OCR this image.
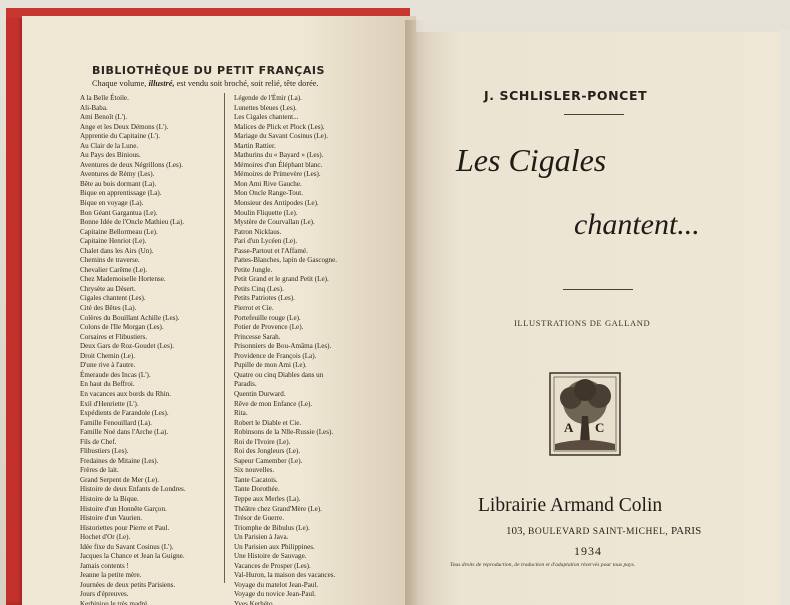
BIBLIOTHÈQUE DU PETIT FRANÇAIS
Chaque volume, illustré, est vendu soit broché, soit relié, tête dorée.
A la Belle Étoile.
Ali-Baba.
Ami Benoît (L').
Ange et les Deux Démons (L').
Apprentie du Capitaine (L').
Au Clair de la Lune.
Au Pays des Binious.
Aventures de deux Négrillons (Les).
Aventures de Rémy (Les).
Bête au bois dormant (La).
Bique en apprentissage (La).
Bique en voyage (La).
Bon Géant Gargantua (Le).
Bonne Idée de l'Oncle Mathieu (La).
Capitaine Bellormeau (Le).
Capitaine Henriot (Le).
Chalet dans les Airs (Un).
Chemins de traverse.
Chevalier Carême (Le).
Chez Mademoiselle Hortense.
Chrysète au Désert.
Cigales chantent (Les).
Cité des Bêtes (La).
Colères du Bouillant Achille (Les).
Colons de l'Ile Morgan (Les).
Corsaires et Flibustiers.
Deux Gars de Roz-Goudet (Les).
Droit Chemin (Le).
D'une rive à l'autre.
Émeraude des Incas (L').
En haut du Beffroi.
En vacances aux bords du Rhin.
Exil d'Henriette (L').
Expédients de Farandole (Les).
Famille Fenouillard (La).
Famille Noé dans l'Arche (La).
Fils de Chef.
Flibustiers (Les).
Fredaines de Mitaine (Les).
Frères de lait.
Grand Serpent de Mer (Le).
Histoire de deux Enfants de Londres.
Histoire de la Bique.
Histoire d'un Honnête Garçon.
Histoire d'un Vaurien.
Historiettes pour Pierre et Paul.
Hochet d'Or (Le).
Idée fixe du Savant Cosinus (L').
Jacques la Chance et Jean la Guigne.
Jamais contents !
Jeanne la petite mère.
Journées de deux petits Parisiens.
Jours d'épreuves.
Kerbiniou le très madré
Légende de l'Émir (La).
Lunettes bleues (Les).
Les Cigales chantent...
Malices de Plick et Plock (Les).
Mariage du Savant Cosinus (Le).
Martin Rattier.
Mathurins du « Bayard » (Les).
Mémoires d'un Éléphant blanc.
Mémoires de Primevère (Les).
Mon Ami Rive Gauche.
Mon Oncle Range-Tout.
Monsieur des Antipodes (Le).
Moulin Fliquette (Le).
Mystère de Courvallan (Le).
Patron Nicklaus.
Pari d'un Lycéen (Le).
Passe-Partout et l'Affamé.
Pattes-Blanches, lapin de Gascogne.
Petite Jungle.
Petit Grand et le grand Petit (Le).
Petits Cinq (Les).
Petits Patriotes (Les).
Pierrot et Cie.
Portefeuille rouge (Le).
Potier de Provence (Le).
Princesse Sarah.
Prisonniers de Bou-Amâma (Les).
Providence de François (La).
Pupille de mon Ami (Le).
Quatre ou cinq Diables dans un
Paradis.
Quentin Durward.
Rêve de mon Enfance (Le).
Rita.
Robert le Diable et Cie.
Robinsons de la Nlle-Russie (Les).
Roi de l'Ivoire (Le).
Roi des Jongleurs (Le).
Sapeur Camember (Le).
Six nouvelles.
Tante Cacatois.
Tante Dorothée.
Teppe aux Merles (La).
Théâtre chez Grand'Mère (Le).
Trésor de Guerre.
Triomphe de Bibulus (Le).
Un Parisien à Java.
Un Parisien aux Philippines.
Une Histoire de Sauvage.
Vacances de Prosper (Les).
Val-Huron, la maison des vacances.
Voyage du matelot Jean-Paul.
Voyage du novice Jean-Paul.
Yves Kerhéto.
J. SCHLISLER-PONCET
Les Cigales
chantent...
ILLUSTRATIONS DE GALLAND
A C
Librairie Armand Colin
103, BOULEVARD SAINT-MICHEL, PARIS
1934
Tous droits de reproduction, de traduction et d'adaptation réservés pour tous pays.
